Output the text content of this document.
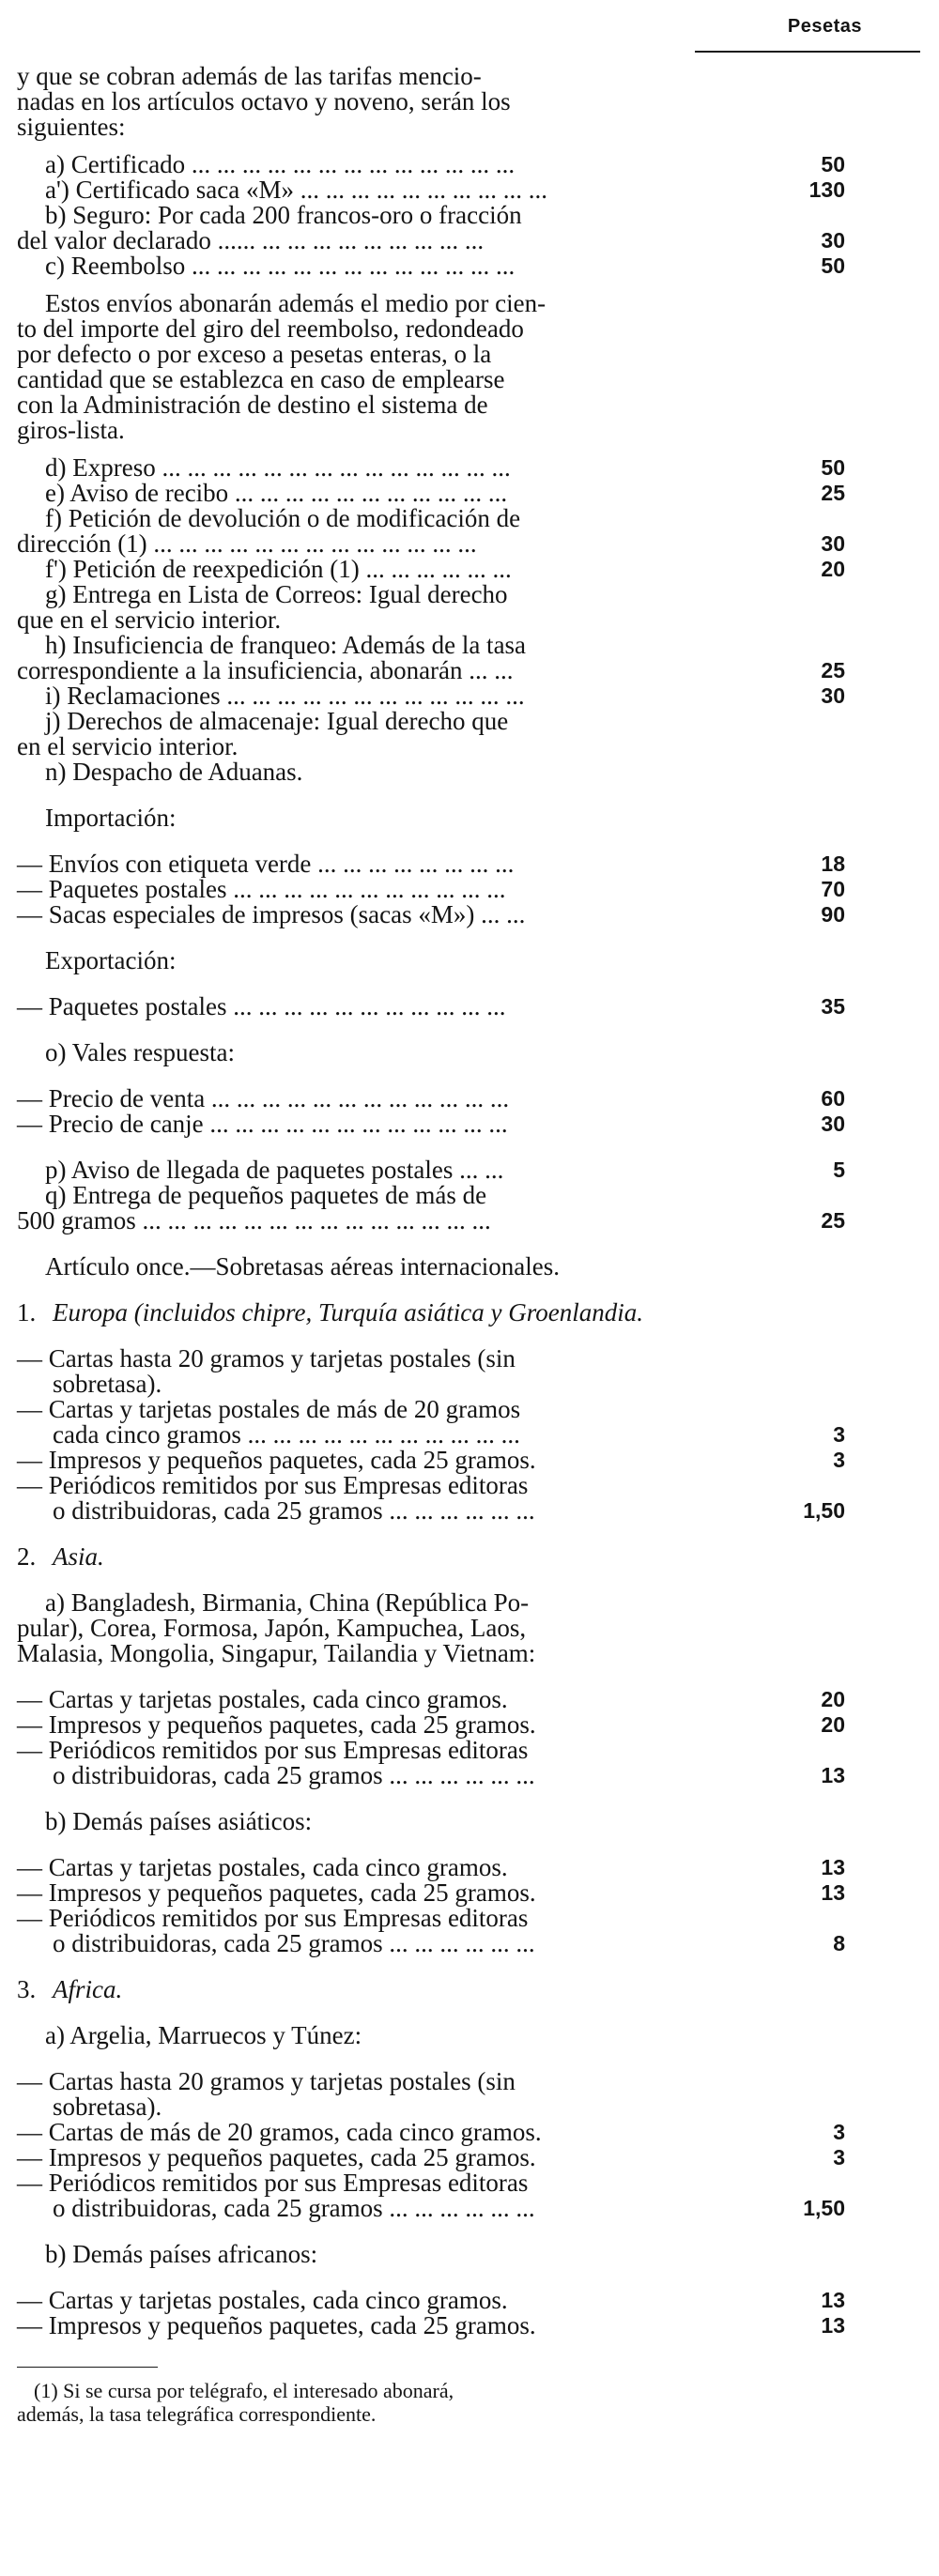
Pesetas
y que se cobran además de las tarifas mencio-
nadas en los artículos octavo y noveno, serán los
siguientes:
a) Certificado ... ... ... ... ... ... ... ... ... ... ... ... ...	50
a') Certificado saca «M» ... ... ... ... ... ... ... ... ... ...	130
b) Seguro: Por cada 200 francos-oro o fracción
del valor declarado ...... ... ... ... ... ... ... ... ... ...	30
c) Reembolso ... ... ... ... ... ... ... ... ... ... ... ... ...	50
Estos envíos abonarán además el medio por cien-
to del importe del giro del reembolso, redondeado
por defecto o por exceso a pesetas enteras, o la
cantidad que se establezca en caso de emplearse
con la Administración de destino el sistema de
giros-lista.
d) Expreso ... ... ... ... ... ... ... ... ... ... ... ... ... ...	50
e) Aviso de recibo ... ... ... ... ... ... ... ... ... ... ...	25
f) Petición de devolución o de modificación de
dirección (1) ... ... ... ... ... ... ... ... ... ... ... ... ...	30
f') Petición de reexpedición (1) ... ... ... ... ... ...	20
g) Entrega en Lista de Correos: Igual derecho
que en el servicio interior.
h) Insuficiencia de franqueo: Además de la tasa
correspondiente a la insuficiencia, abonarán ... ...	25
i) Reclamaciones ... ... ... ... ... ... ... ... ... ... ... ...	30
j) Derechos de almacenaje: Igual derecho que
en el servicio interior.
n) Despacho de Aduanas.
Importación:
— Envíos con etiqueta verde ... ... ... ... ... ... ... ...	18
— Paquetes postales ... ... ... ... ... ... ... ... ... ... ...	70
— Sacas especiales de impresos (sacas «M») ... ...	90
Exportación:
— Paquetes postales ... ... ... ... ... ... ... ... ... ... ...	35
o) Vales respuesta:
— Precio de venta ... ... ... ... ... ... ... ... ... ... ... ...	60
— Precio de canje ... ... ... ... ... ... ... ... ... ... ... ...	30
p) Aviso de llegada de paquetes postales ... ...	5
q) Entrega de pequeños paquetes de más de
500 gramos ... ... ... ... ... ... ... ... ... ... ... ... ... ...	25
Artículo once.—Sobretasas aéreas internacionales.
1. Europa (incluidos chipre, Turquía asiática y Groenlandia.
— Cartas hasta 20 gramos y tarjetas postales (sin
sobretasa).
— Cartas y tarjetas postales de más de 20 gramos
cada cinco gramos ... ... ... ... ... ... ... ... ... ... ...	3
— Impresos y pequeños paquetes, cada 25 gramos.	3
— Periódicos remitidos por sus Empresas editoras
o distribuidoras, cada 25 gramos ... ... ... ... ... ...	1,50
2. Asia.
a) Bangladesh, Birmania, China (República Po-
pular), Corea, Formosa, Japón, Kampuchea, Laos,
Malasia, Mongolia, Singapur, Tailandia y Vietnam:
— Cartas y tarjetas postales, cada cinco gramos.	20
— Impresos y pequeños paquetes, cada 25 gramos.	20
— Periódicos remitidos por sus Empresas editoras
o distribuidoras, cada 25 gramos ... ... ... ... ... ...	13
b) Demás países asiáticos:
— Cartas y tarjetas postales, cada cinco gramos.	13
— Impresos y pequeños paquetes, cada 25 gramos.	13
— Periódicos remitidos por sus Empresas editoras
o distribuidoras, cada 25 gramos ... ... ... ... ... ...	8
3. Africa.
a) Argelia, Marruecos y Túnez:
— Cartas hasta 20 gramos y tarjetas postales (sin
sobretasa).
— Cartas de más de 20 gramos, cada cinco gramos.	3
— Impresos y pequeños paquetes, cada 25 gramos.	3
— Periódicos remitidos por sus Empresas editoras
o distribuidoras, cada 25 gramos ... ... ... ... ... ...	1,50
b) Demás países africanos:
— Cartas y tarjetas postales, cada cinco gramos.	13
— Impresos y pequeños paquetes, cada 25 gramos.	13
(1) Si se cursa por telégrafo, el interesado abonará,
además, la tasa telegráfica correspondiente.
